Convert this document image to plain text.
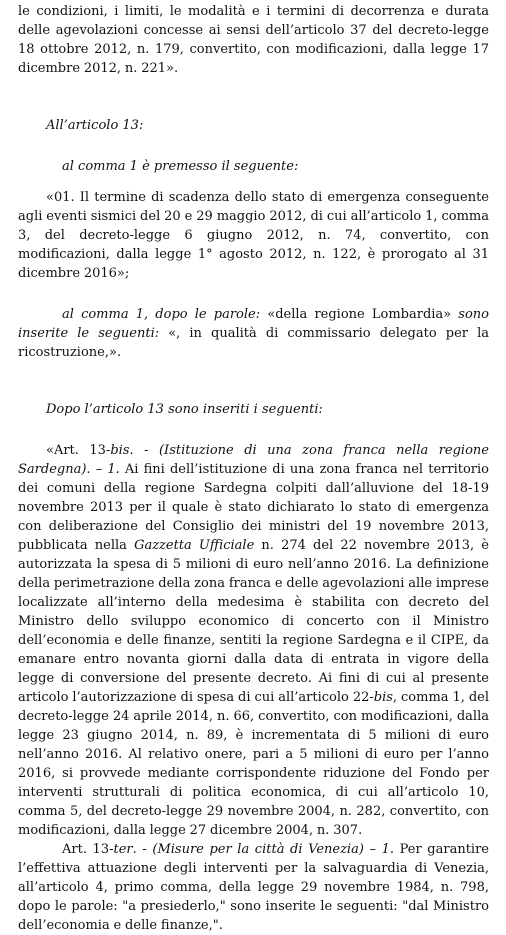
le condizioni, i limiti, le modalità e i termini di decorrenza e durata delle agevolazioni concesse ai sensi dell’articolo 37 del decreto-legge 18 ottobre 2012, n. 179, convertito, con modificazioni, dalla legge 17 dicembre 2012, n. 221».

All’articolo 13:

al comma 1 è premesso il seguente:

«01. Il termine di scadenza dello stato di emergenza conseguente agli eventi sismici del 20 e 29 maggio 2012, di cui all’articolo 1, comma 3, del decreto-legge 6 giugno 2012, n. 74, convertito, con modificazioni, dalla legge 1° agosto 2012, n. 122, è prorogato al 31 dicembre 2016»;

al comma 1, dopo le parole: «della regione Lombardia» sono inserite le seguenti: «, in qualità di commissario delegato per la ricostruzione,».

Dopo l’articolo 13 sono inseriti i seguenti:

«Art. 13-bis. - (Istituzione di una zona franca nella regione Sardegna). – 1. Ai fini dell’istituzione di una zona franca nel territorio dei comuni della regione Sardegna colpiti dall’alluvione del 18-19 novembre 2013 per il quale è stato dichiarato lo stato di emergenza con deliberazione del Consiglio dei ministri del 19 novembre 2013, pubblicata nella Gazzetta Ufficiale n. 274 del 22 novembre 2013, è autorizzata la spesa di 5 milioni di euro nell’anno 2016. La definizione della perimetrazione della zona franca e delle agevolazioni alle imprese localizzate all’interno della medesima è stabilita con decreto del Ministro dello sviluppo economico di concerto con il Ministro dell’economia e delle finanze, sentiti la regione Sardegna e il CIPE, da emanare entro novanta giorni dalla data di entrata in vigore della legge di conversione del presente decreto. Ai fini di cui al presente articolo l’autorizzazione di spesa di cui all’articolo 22-bis, comma 1, del decreto-legge 24 aprile 2014, n. 66, convertito, con modificazioni, dalla legge 23 giugno 2014, n. 89, è incrementata di 5 milioni di euro nell’anno 2016. Al relativo onere, pari a 5 milioni di euro per l’anno 2016, si provvede mediante corrispondente riduzione del Fondo per interventi strutturali di politica economica, di cui all’articolo 10, comma 5, del decreto-legge 29 novembre 2004, n. 282, convertito, con modificazioni, dalla legge 27 dicembre 2004, n. 307.

Art. 13-ter. - (Misure per la città di Venezia) – 1. Per garantire l’effettiva attuazione degli interventi per la salvaguardia di Venezia, all’articolo 4, primo comma, della legge 29 novembre 1984, n. 798, dopo le parole: "a presiederlo," sono inserite le seguenti: "dal Ministro dell’economia e delle finanze,".
